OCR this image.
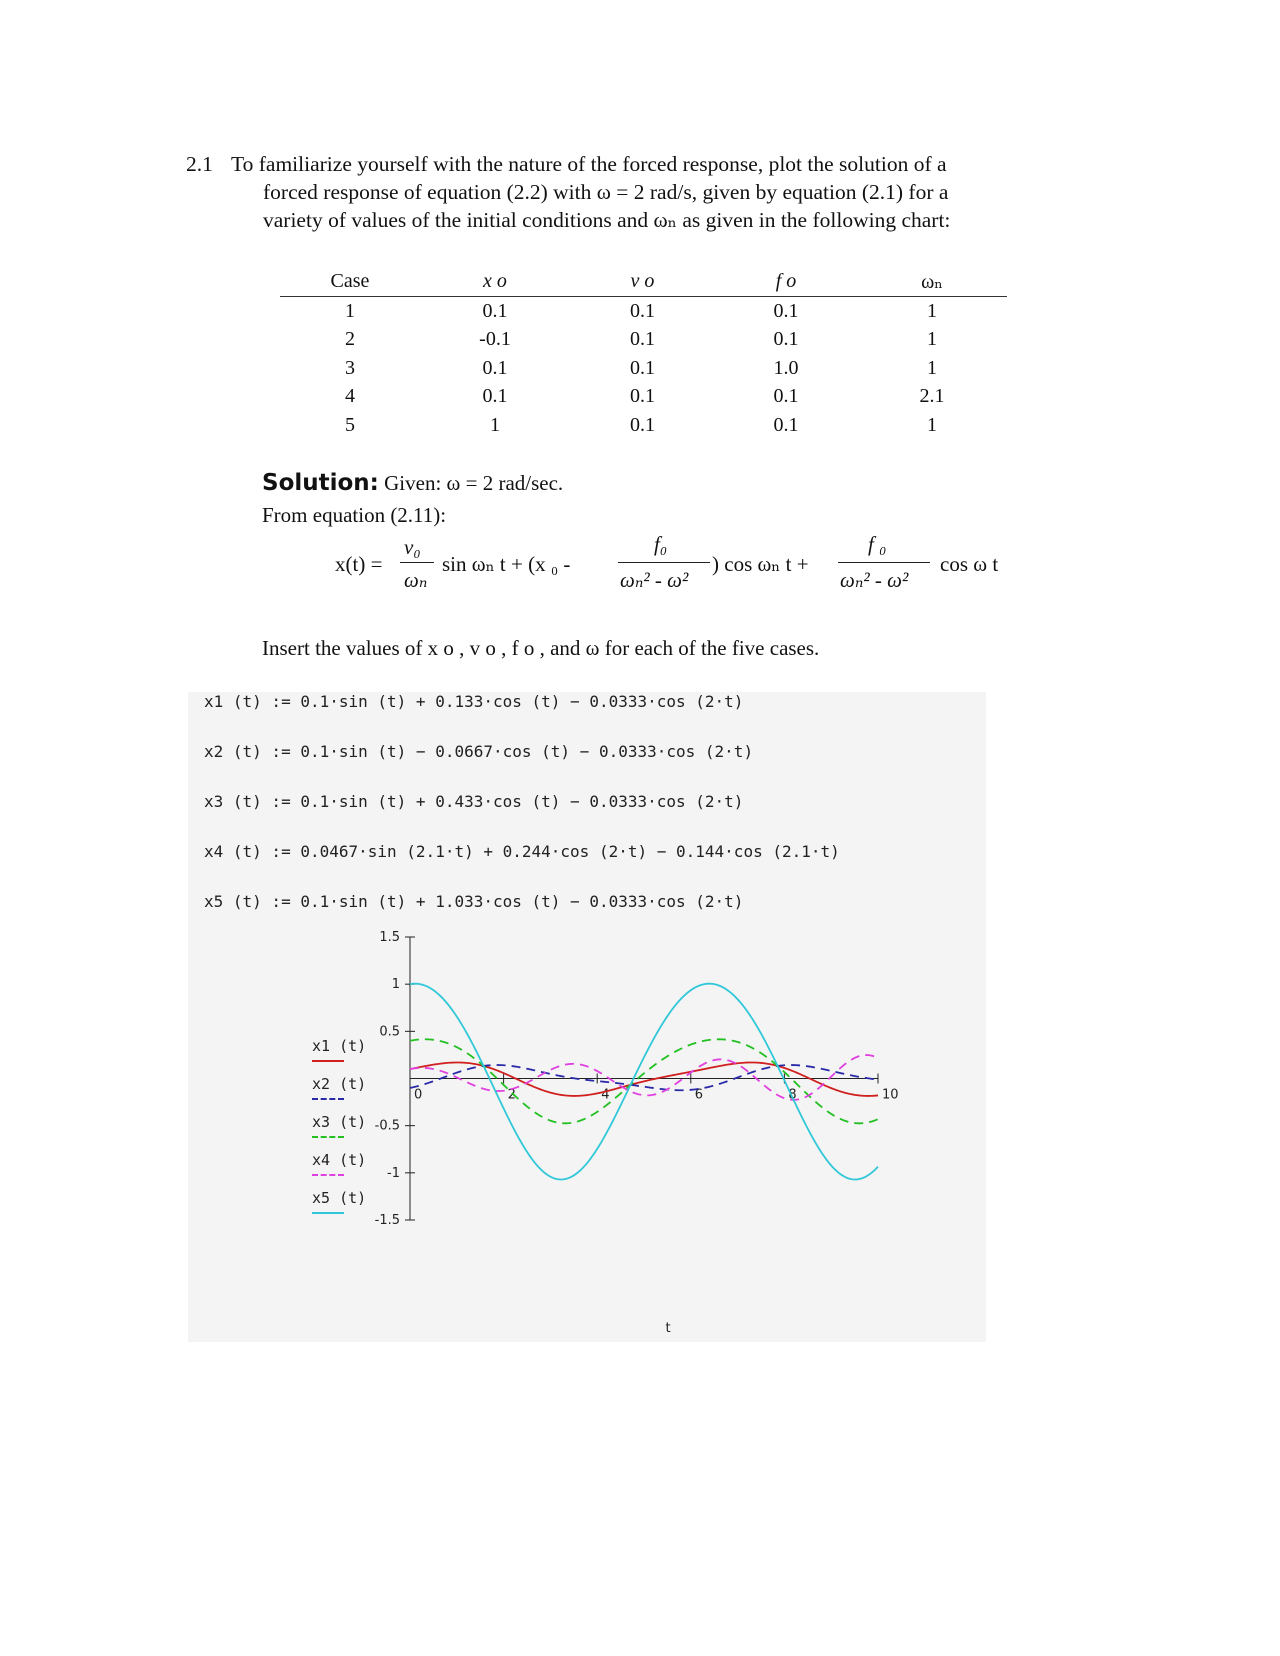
2.1 To familiarize yourself with the nature of the forced response, plot the solution of a
forced response of equation (2.2) with ω = 2 rad/s, given by equation (2.1) for a
variety of values of the initial conditions and ωₙ as given in the following chart:
Case	x o	v o	f o	ωₙ
1	0.1	0.1	0.1	1
2	-0.1	0.1	0.1	1
3	0.1	0.1	1.0	1
4	0.1	0.1	0.1	2.1
5	1	0.1	0.1	1
Solution: Given: ω = 2 rad/sec.
From equation (2.11):
x(t) =
v₀
ωₙ
sin ωₙ t + (x ₀ -
f₀
ωₙ² - ω²
) cos ωₙ t +
f ₀
ωₙ² - ω²
cos ω t
Insert the values of x o , v o , f o , and ω for each of the five cases.
x1 (t) := 0.1·sin (t) + 0.133·cos (t) − 0.0333·cos (2·t)
x2 (t) := 0.1·sin (t) − 0.0667·cos (t) − 0.0333·cos (2·t)
x3 (t) := 0.1·sin (t) + 0.433·cos (t) − 0.0333·cos (2·t)
x4 (t) := 0.0467·sin (2.1·t) + 0.244·cos (2·t) − 0.144·cos (2.1·t)
x5 (t) := 0.1·sin (t) + 1.033·cos (t) − 0.0333·cos (2·t)
x1 (t)
x2 (t)
x3 (t)
x4 (t)
x5 (t)
1.5
1
0.5
-0.5
-1
-1.5
0	2	4	6	8	10
t
